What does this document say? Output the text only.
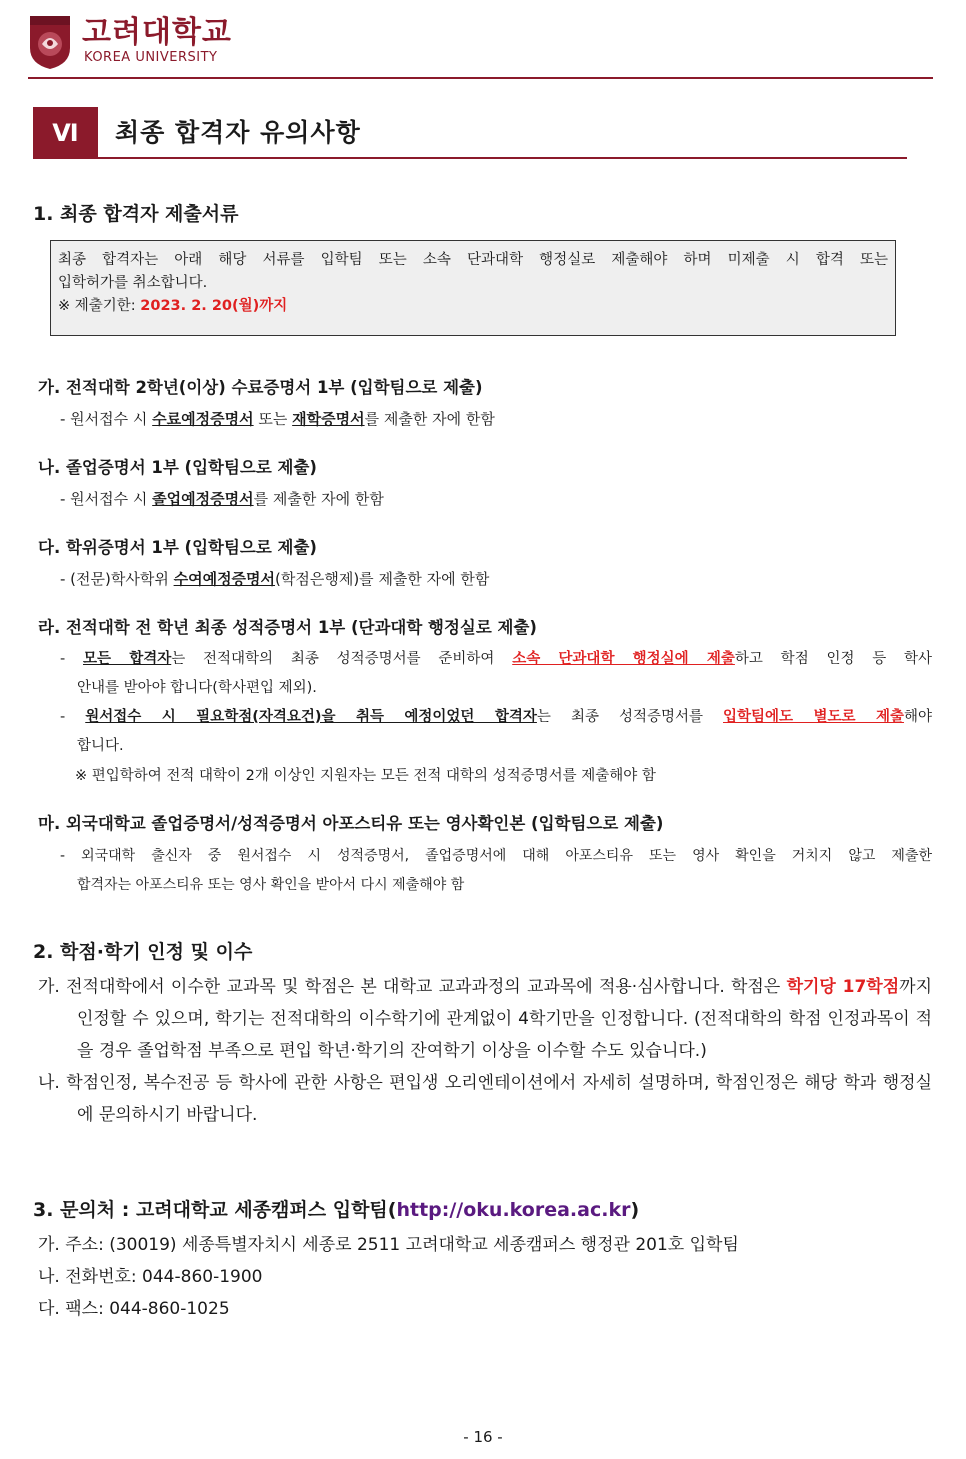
고려대학교
KOREA UNIVERSITY
Ⅵ	최종 합격자 유의사항
1. 최종 합격자 제출서류
최종 합격자는 아래 해당 서류를 입학팀 또는 소속 단과대학 행정실로 제출해야 하며 미제출 시 합격 또는
입학허가를 취소합니다.
※ 제출기한: 2023. 2. 20(월)까지
가. 전적대학 2학년(이상) 수료증명서 1부 (입학팀으로 제출)
- 원서접수 시 수료예정증명서 또는 재학증명서를 제출한 자에 한함
나. 졸업증명서 1부 (입학팀으로 제출)
- 원서접수 시 졸업예정증명서를 제출한 자에 한함
다. 학위증명서 1부 (입학팀으로 제출)
- (전문)학사학위 수여예정증명서(학점은행제)를 제출한 자에 한함
라. 전적대학 전 학년 최종 성적증명서 1부 (단과대학 행정실로 제출)
- 모든 합격자는 전적대학의 최종 성적증명서를 준비하여 소속 단과대학 행정실에 제출하고 학점 인정 등 학사
안내를 받아야 합니다(학사편입 제외).
- 원서접수 시 필요학점(자격요건)을 취득 예정이었던 합격자는 최종 성적증명서를 입학팀에도 별도로 제출해야
합니다.
※ 편입학하여 전적 대학이 2개 이상인 지원자는 모든 전적 대학의 성적증명서를 제출해야 함
마. 외국대학교 졸업증명서/성적증명서 아포스티유 또는 영사확인본 (입학팀으로 제출)
- 외국대학 출신자 중 원서접수 시 성적증명서, 졸업증명서에 대해 아포스티유 또는 영사 확인을 거치지 않고 제출한
합격자는 아포스티유 또는 영사 확인을 받아서 다시 제출해야 함
2. 학점·학기 인정 및 이수
가. 전적대학에서 이수한 교과목 및 학점은 본 대학교 교과과정의 교과목에 적용·심사합니다. 학점은 학기당 17학점까지 인정할 수 있으며, 학기는 전적대학의 이수학기에 관계없이 4학기만을 인정합니다. (전적대학의 학점 인정과목이 적을 경우 졸업학점 부족으로 편입 학년·학기의 잔여학기 이상을 이수할 수도 있습니다.)
나. 학점인정, 복수전공 등 학사에 관한 사항은 편입생 오리엔테이션에서 자세히 설명하며, 학점인정은 해당 학과 행정실에 문의하시기 바랍니다.
3. 문의처 : 고려대학교 세종캠퍼스 입학팀(http://oku.korea.ac.kr)
가. 주소: (30019) 세종특별자치시 세종로 2511 고려대학교 세종캠퍼스 행정관 201호 입학팀
나. 전화번호: 044-860-1900
다. 팩스: 044-860-1025
- 16 -
